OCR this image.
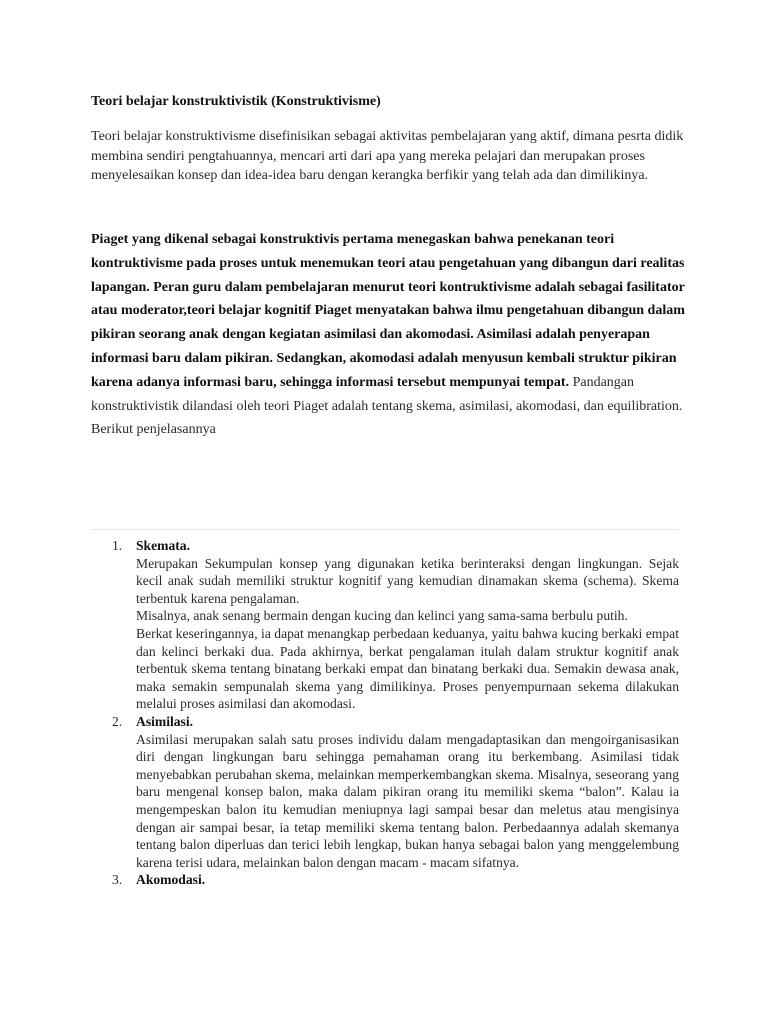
Teori belajar konstruktivistik (Konstruktivisme)

Teori belajar konstruktivisme disefinisikan sebagai aktivitas pembelajaran yang aktif, dimana pesrta didik membina sendiri pengtahuannya, mencari arti dari apa yang mereka pelajari dan merupakan proses menyelesaikan konsep dan idea-idea baru dengan kerangka berfikir yang telah ada dan dimilikinya.

Piaget yang dikenal sebagai konstruktivis pertama menegaskan bahwa penekanan teori kontruktivisme pada proses untuk menemukan teori atau pengetahuan yang dibangun dari realitas lapangan. Peran guru dalam pembelajaran menurut teori kontruktivisme adalah sebagai fasilitator atau moderator,teori belajar kognitif Piaget menyatakan bahwa ilmu pengetahuan dibangun dalam pikiran seorang anak dengan kegiatan asimilasi dan akomodasi. Asimilasi adalah penyerapan informasi baru dalam pikiran. Sedangkan, akomodasi adalah menyusun kembali struktur pikiran karena adanya informasi baru, sehingga informasi tersebut mempunyai tempat. Pandangan konstruktivistik dilandasi oleh teori Piaget adalah tentang skema, asimilasi, akomodasi, dan equilibration. Berikut penjelasannya

1. Skemata.

Merupakan Sekumpulan konsep yang digunakan ketika berinteraksi dengan lingkungan. Sejak kecil anak sudah memiliki struktur kognitif yang kemudian dinamakan skema (schema). Skema terbentuk karena pengalaman.

Misalnya, anak senang bermain dengan kucing dan kelinci yang sama-sama berbulu putih.

Berkat keseringannya, ia dapat menangkap perbedaan keduanya, yaitu bahwa kucing berkaki empat dan kelinci berkaki dua. Pada akhirnya, berkat pengalaman itulah dalam struktur kognitif anak terbentuk skema tentang binatang berkaki empat dan binatang berkaki dua. Semakin dewasa anak, maka semakin sempunalah skema yang dimilikinya. Proses penyempurnaan sekema dilakukan melalui proses asimilasi dan akomodasi.

2. Asimilasi.

Asimilasi merupakan salah satu proses individu dalam mengadaptasikan dan mengoirganisasikan diri dengan lingkungan baru sehingga pemahaman orang itu berkembang. Asimilasi tidak menyebabkan perubahan skema, melainkan memperkembangkan skema. Misalnya, seseorang yang baru mengenal konsep balon, maka dalam pikiran orang itu memiliki skema “balon”. Kalau ia mengempeskan balon itu kemudian meniupnya lagi sampai besar dan meletus atau mengisinya dengan air sampai besar, ia tetap memiliki skema tentang balon. Perbedaannya adalah skemanya tentang balon diperluas dan terici lebih lengkap, bukan hanya sebagai balon yang menggelembung karena terisi udara, melainkan balon dengan macam - macam sifatnya.

3. Akomodasi.
